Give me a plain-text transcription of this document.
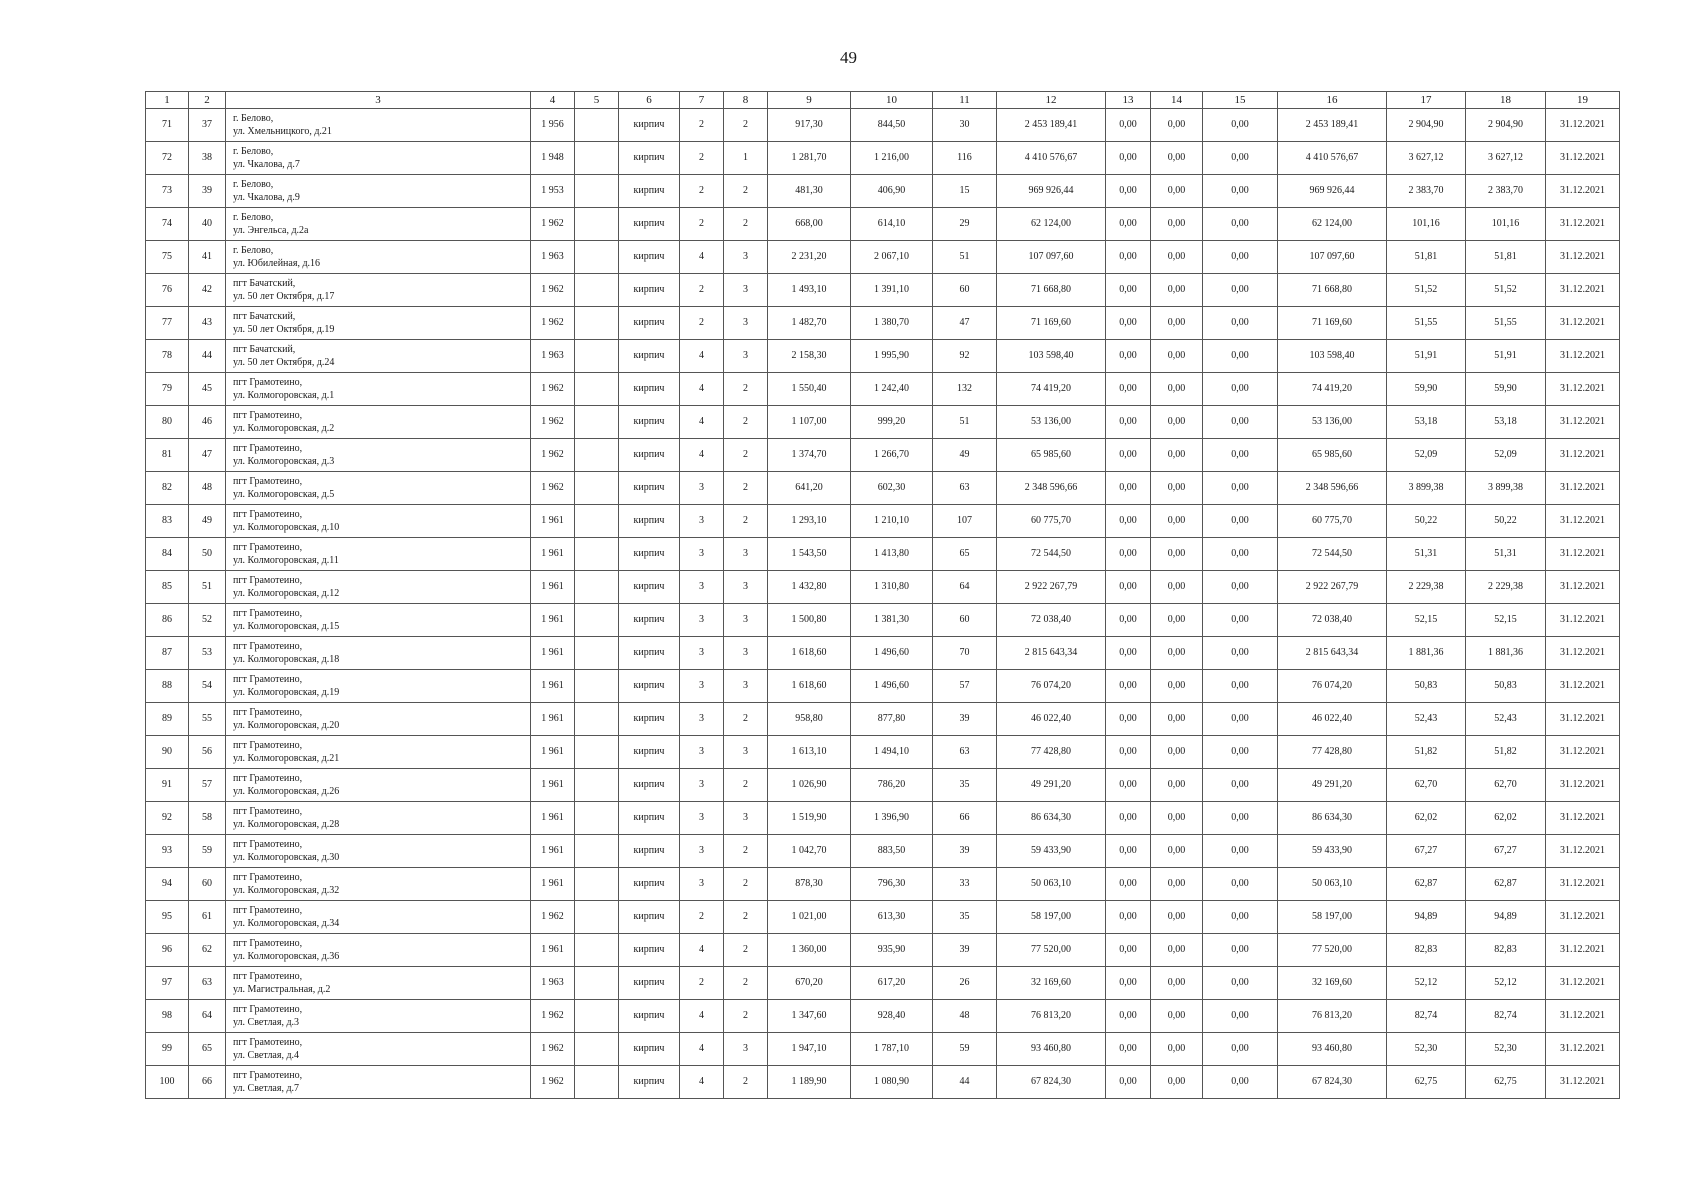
49
1	2	3	4	5	6	7	8	9	10	11	12	13	14	15	16	17	18	19
71	37	г. Белово,
ул. Хмельницкого, д.21	1 956		кирпич	2	2	917,30	844,50	30	2 453 189,41	0,00	0,00	0,00	2 453 189,41	2 904,90	2 904,90	31.12.2021
72	38	г. Белово,
ул. Чкалова, д.7	1 948		кирпич	2	1	1 281,70	1 216,00	116	4 410 576,67	0,00	0,00	0,00	4 410 576,67	3 627,12	3 627,12	31.12.2021
73	39	г. Белово,
ул. Чкалова, д.9	1 953		кирпич	2	2	481,30	406,90	15	969 926,44	0,00	0,00	0,00	969 926,44	2 383,70	2 383,70	31.12.2021
74	40	г. Белово,
ул. Энгельса, д.2а	1 962		кирпич	2	2	668,00	614,10	29	62 124,00	0,00	0,00	0,00	62 124,00	101,16	101,16	31.12.2021
75	41	г. Белово,
ул. Юбилейная, д.16	1 963		кирпич	4	3	2 231,20	2 067,10	51	107 097,60	0,00	0,00	0,00	107 097,60	51,81	51,81	31.12.2021
76	42	пгт Бачатский,
ул. 50 лет Октября, д.17	1 962		кирпич	2	3	1 493,10	1 391,10	60	71 668,80	0,00	0,00	0,00	71 668,80	51,52	51,52	31.12.2021
77	43	пгт Бачатский,
ул. 50 лет Октября, д.19	1 962		кирпич	2	3	1 482,70	1 380,70	47	71 169,60	0,00	0,00	0,00	71 169,60	51,55	51,55	31.12.2021
78	44	пгт Бачатский,
ул. 50 лет Октября, д.24	1 963		кирпич	4	3	2 158,30	1 995,90	92	103 598,40	0,00	0,00	0,00	103 598,40	51,91	51,91	31.12.2021
79	45	пгт Грамотеино,
ул. Колмогоровская, д.1	1 962		кирпич	4	2	1 550,40	1 242,40	132	74 419,20	0,00	0,00	0,00	74 419,20	59,90	59,90	31.12.2021
80	46	пгт Грамотеино,
ул. Колмогоровская, д.2	1 962		кирпич	4	2	1 107,00	999,20	51	53 136,00	0,00	0,00	0,00	53 136,00	53,18	53,18	31.12.2021
81	47	пгт Грамотеино,
ул. Колмогоровская, д.3	1 962		кирпич	4	2	1 374,70	1 266,70	49	65 985,60	0,00	0,00	0,00	65 985,60	52,09	52,09	31.12.2021
82	48	пгт Грамотеино,
ул. Колмогоровская, д.5	1 962		кирпич	3	2	641,20	602,30	63	2 348 596,66	0,00	0,00	0,00	2 348 596,66	3 899,38	3 899,38	31.12.2021
83	49	пгт Грамотеино,
ул. Колмогоровская, д.10	1 961		кирпич	3	2	1 293,10	1 210,10	107	60 775,70	0,00	0,00	0,00	60 775,70	50,22	50,22	31.12.2021
84	50	пгт Грамотеино,
ул. Колмогоровская, д.11	1 961		кирпич	3	3	1 543,50	1 413,80	65	72 544,50	0,00	0,00	0,00	72 544,50	51,31	51,31	31.12.2021
85	51	пгт Грамотеино,
ул. Колмогоровская, д.12	1 961		кирпич	3	3	1 432,80	1 310,80	64	2 922 267,79	0,00	0,00	0,00	2 922 267,79	2 229,38	2 229,38	31.12.2021
86	52	пгт Грамотеино,
ул. Колмогоровская, д.15	1 961		кирпич	3	3	1 500,80	1 381,30	60	72 038,40	0,00	0,00	0,00	72 038,40	52,15	52,15	31.12.2021
87	53	пгт Грамотеино,
ул. Колмогоровская, д.18	1 961		кирпич	3	3	1 618,60	1 496,60	70	2 815 643,34	0,00	0,00	0,00	2 815 643,34	1 881,36	1 881,36	31.12.2021
88	54	пгт Грамотеино,
ул. Колмогоровская, д.19	1 961		кирпич	3	3	1 618,60	1 496,60	57	76 074,20	0,00	0,00	0,00	76 074,20	50,83	50,83	31.12.2021
89	55	пгт Грамотеино,
ул. Колмогоровская, д.20	1 961		кирпич	3	2	958,80	877,80	39	46 022,40	0,00	0,00	0,00	46 022,40	52,43	52,43	31.12.2021
90	56	пгт Грамотеино,
ул. Колмогоровская, д.21	1 961		кирпич	3	3	1 613,10	1 494,10	63	77 428,80	0,00	0,00	0,00	77 428,80	51,82	51,82	31.12.2021
91	57	пгт Грамотеино,
ул. Колмогоровская, д.26	1 961		кирпич	3	2	1 026,90	786,20	35	49 291,20	0,00	0,00	0,00	49 291,20	62,70	62,70	31.12.2021
92	58	пгт Грамотеино,
ул. Колмогоровская, д.28	1 961		кирпич	3	3	1 519,90	1 396,90	66	86 634,30	0,00	0,00	0,00	86 634,30	62,02	62,02	31.12.2021
93	59	пгт Грамотеино,
ул. Колмогоровская, д.30	1 961		кирпич	3	2	1 042,70	883,50	39	59 433,90	0,00	0,00	0,00	59 433,90	67,27	67,27	31.12.2021
94	60	пгт Грамотеино,
ул. Колмогоровская, д.32	1 961		кирпич	3	2	878,30	796,30	33	50 063,10	0,00	0,00	0,00	50 063,10	62,87	62,87	31.12.2021
95	61	пгт Грамотеино,
ул. Колмогоровская, д.34	1 962		кирпич	2	2	1 021,00	613,30	35	58 197,00	0,00	0,00	0,00	58 197,00	94,89	94,89	31.12.2021
96	62	пгт Грамотеино,
ул. Колмогоровская, д.36	1 961		кирпич	4	2	1 360,00	935,90	39	77 520,00	0,00	0,00	0,00	77 520,00	82,83	82,83	31.12.2021
97	63	пгт Грамотеино,
ул. Магистральная, д.2	1 963		кирпич	2	2	670,20	617,20	26	32 169,60	0,00	0,00	0,00	32 169,60	52,12	52,12	31.12.2021
98	64	пгт Грамотеино,
ул. Светлая, д.3	1 962		кирпич	4	2	1 347,60	928,40	48	76 813,20	0,00	0,00	0,00	76 813,20	82,74	82,74	31.12.2021
99	65	пгт Грамотеино,
ул. Светлая, д.4	1 962		кирпич	4	3	1 947,10	1 787,10	59	93 460,80	0,00	0,00	0,00	93 460,80	52,30	52,30	31.12.2021
100	66	пгт Грамотеино,
ул. Светлая, д.7	1 962		кирпич	4	2	1 189,90	1 080,90	44	67 824,30	0,00	0,00	0,00	67 824,30	62,75	62,75	31.12.2021
